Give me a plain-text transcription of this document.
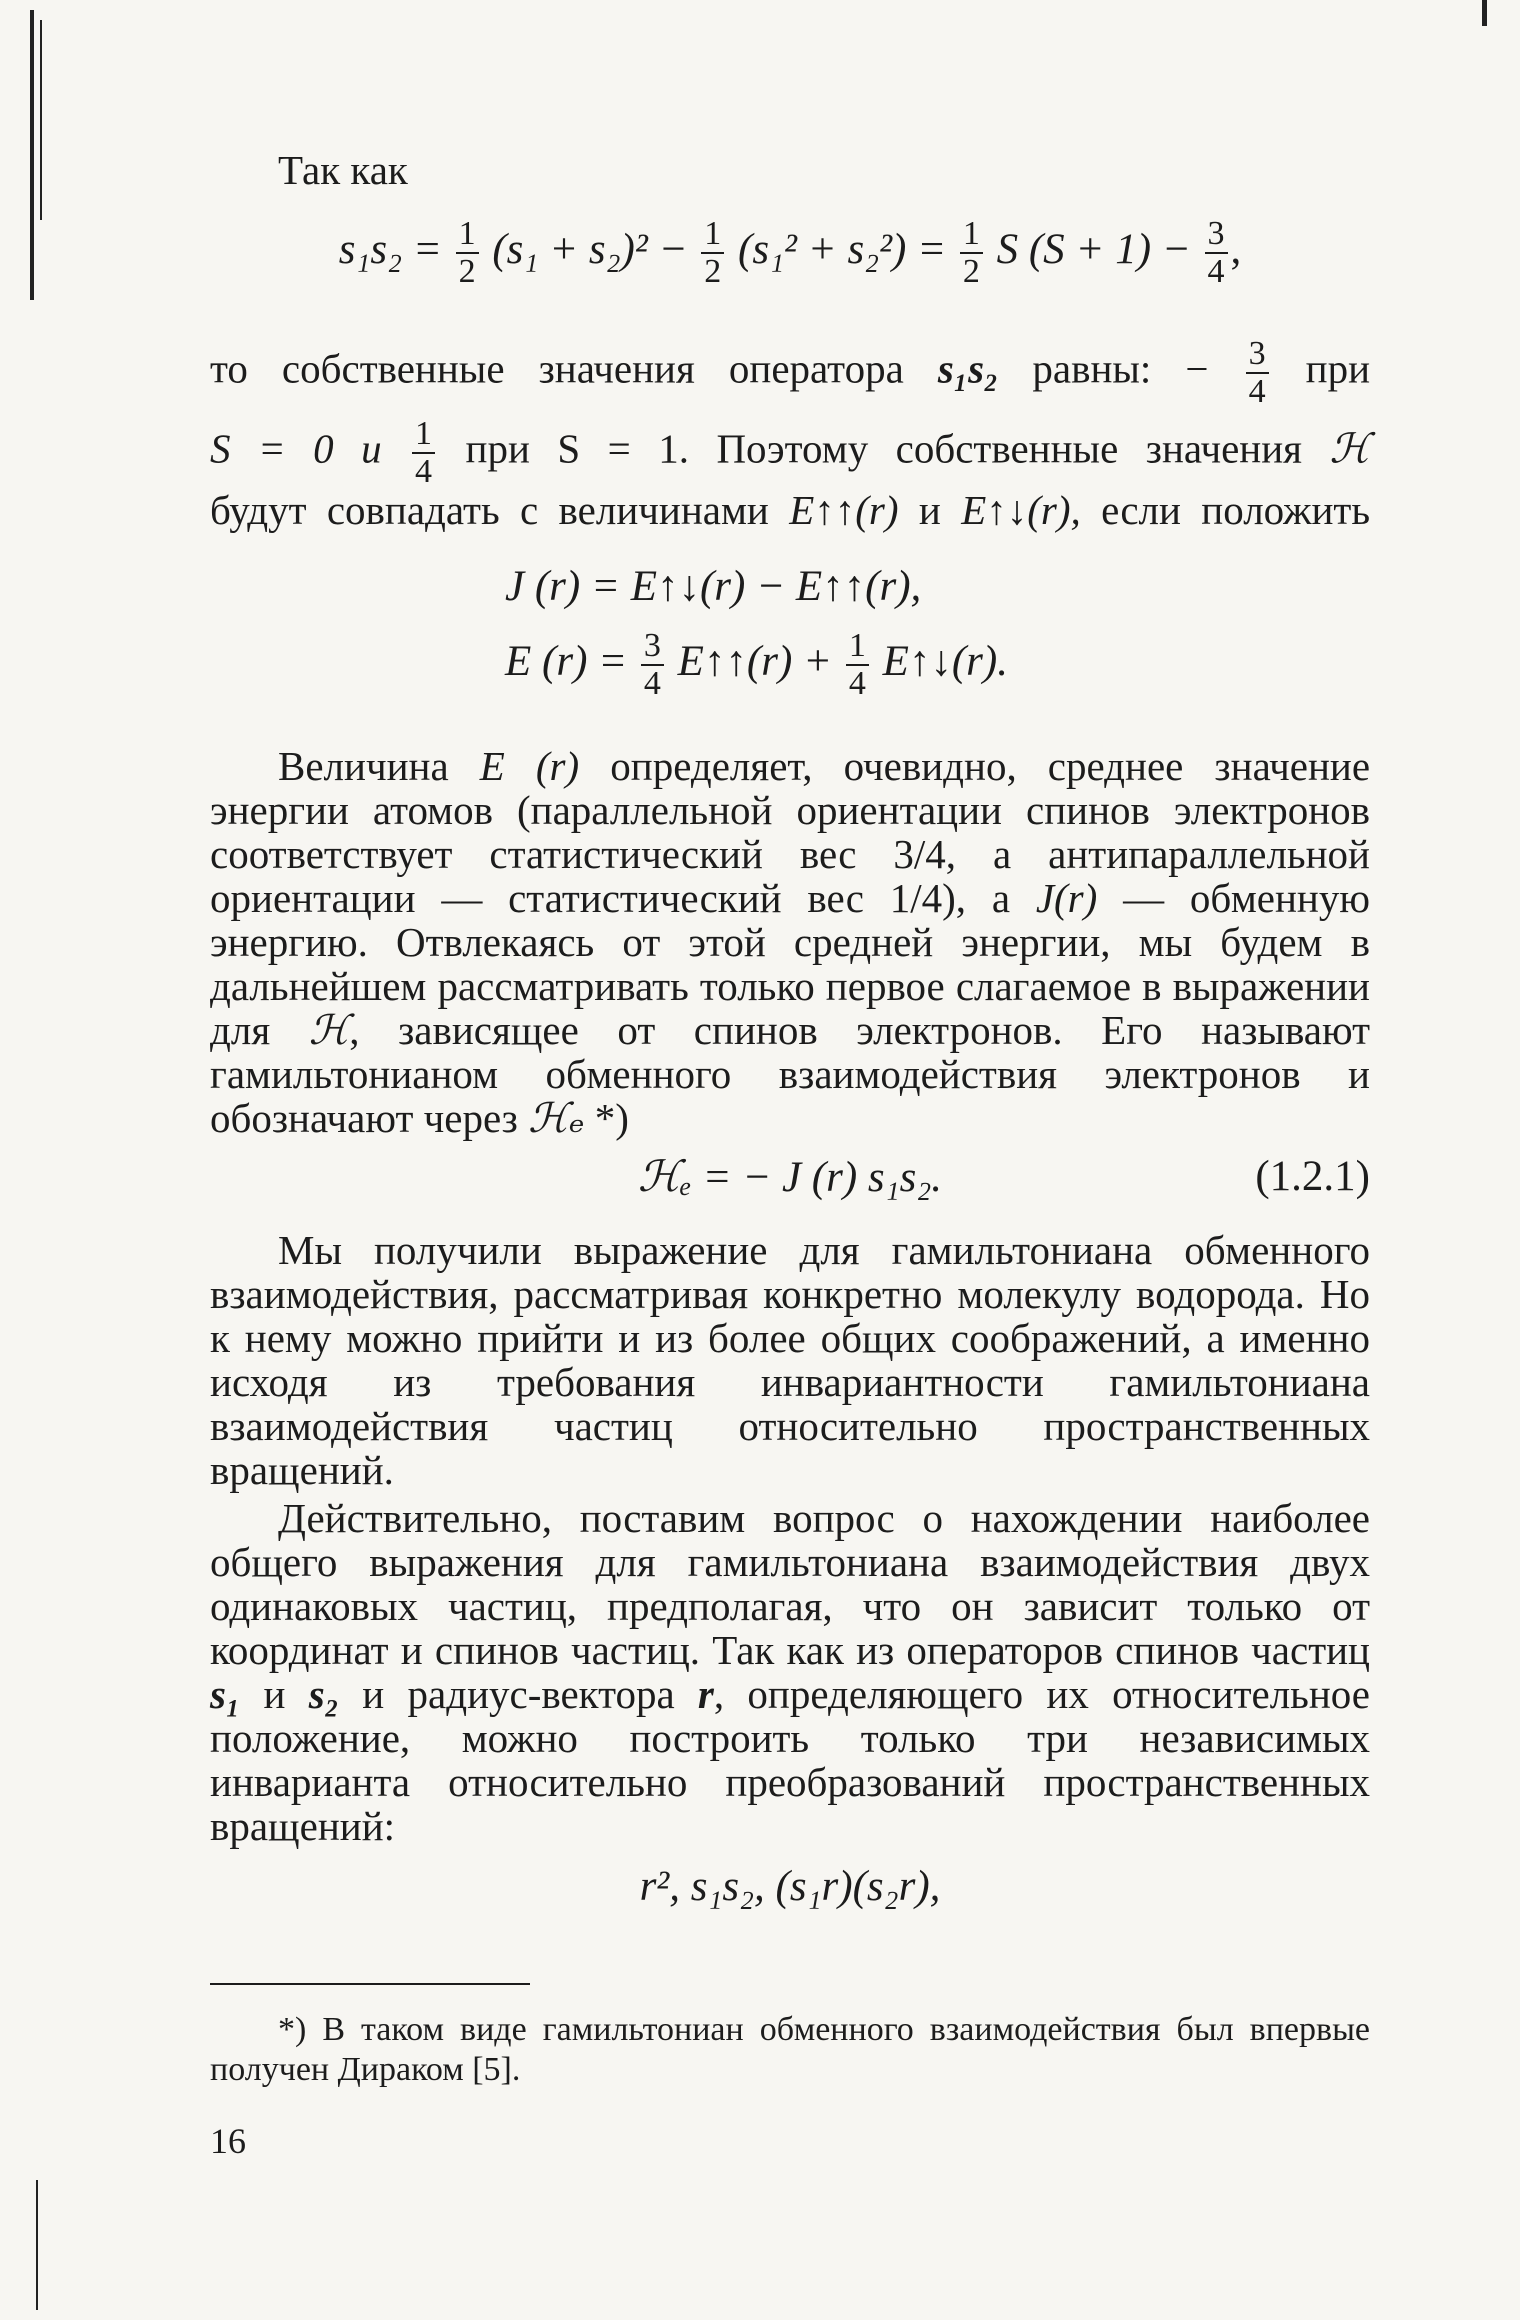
Так как

$s_1s_2 = \frac{1}{2} (s_1 + s_2)^2 - \frac{1}{2} (s_1^2 + s_2^2) = \frac{1}{2}$ S $(S + 1) - \frac{3}{4}$ ,
то собственные значения оператора s₁s₂ равны: − $\frac{3}{4}$ при
S = 0 и $\frac{1}{4}$ при S = 1. Поэтому собственные значения ℋ
будут совпадать с величинами E↑↑(r) и E↑↓(r), если положить
J (r) = E↑↓(r) − E↑↑(r),
E $(r) = \frac{3}{4}$ E↑↑(r) + $\frac{1}{4}$ E↑↓(r).

Величина E (r) определяет, очевидно, среднее значение энергии атомов (параллельной ориентации спинов электронов соответствует статистический вес 3/4, а антипараллельной ориентации — статистический вес 1/4), а J(r) — обменную энергию. Отвлекаясь от этой средней энергии, мы будем в дальнейшем рассматривать только первое слагаемое в выражении для ℋ, зависящее от спинов электронов. Его называют гамильтонианом обменного взаимодействия электронов и обозначают через ℋₑ *)

ℋₑ = − J (r) s₁s₂.	(1.2.1)

Мы получили выражение для гамильтониана обменного взаимодействия, рассматривая конкретно молекулу водорода. Но к нему можно прийти и из более общих соображений, а именно исходя из требования инвариантности гамильтониана взаимодействия частиц относительно пространственных вращений.

Действительно, поставим вопрос о нахождении наиболее общего выражения для гамильтониана взаимодействия двух одинаковых частиц, предполагая, что он зависит только от координат и спинов частиц. Так как из операторов спинов частиц s₁ и s₂ и радиус-вектора r, определяющего их относительное положение, можно построить только три независимых инварианта относительно преобразований пространственных вращений:

r², s₁s₂, (s₁r)(s₂r),

*) В таком виде гамильтониан обменного взаимодействия был впервые получен Дираком [5].

16
